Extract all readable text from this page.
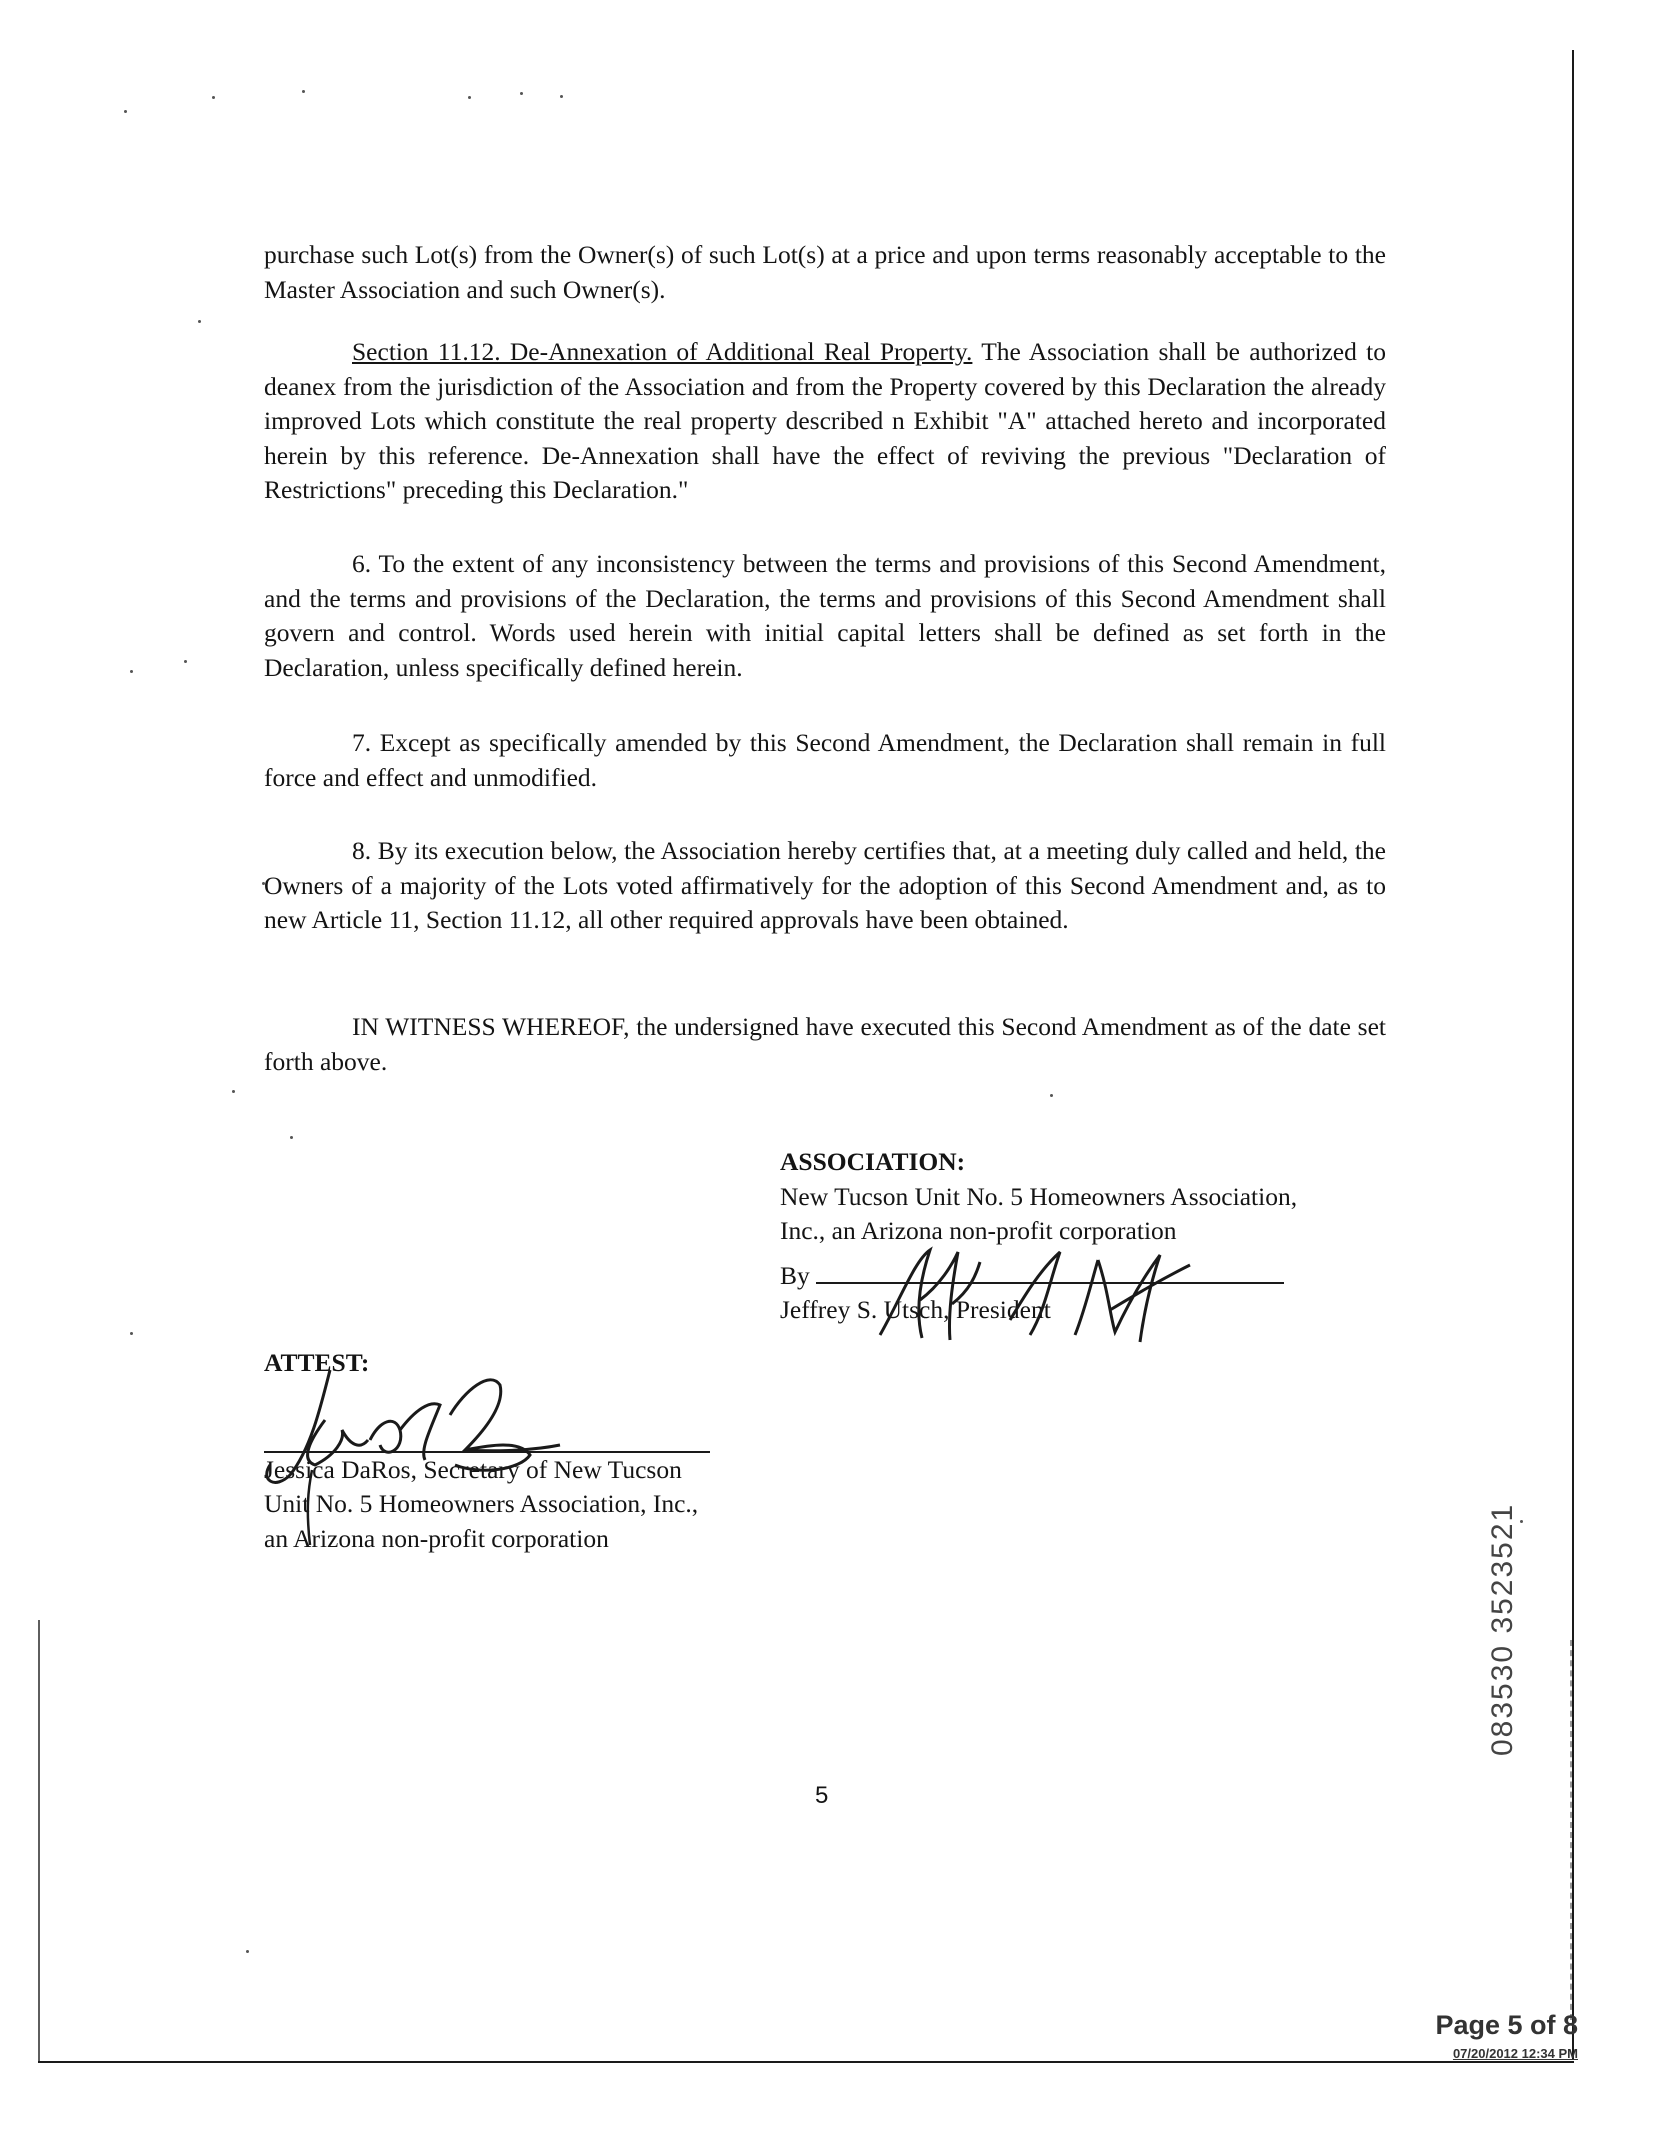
purchase such Lot(s) from the Owner(s) of such Lot(s) at a price and upon terms reasonably acceptable to the Master Association and such Owner(s).

Section 11.12. De-Annexation of Additional Real Property. The Association shall be authorized to deanex from the jurisdiction of the Association and from the Property covered by this Declaration the already improved Lots which constitute the real property described n Exhibit "A" attached hereto and incorporated herein by this reference. De-Annexation shall have the effect of reviving the previous "Declaration of Restrictions" preceding this Declaration."

6. To the extent of any inconsistency between the terms and provisions of this Second Amendment, and the terms and provisions of the Declaration, the terms and provisions of this Second Amendment shall govern and control. Words used herein with initial capital letters shall be defined as set forth in the Declaration, unless specifically defined herein.

7. Except as specifically amended by this Second Amendment, the Declaration shall remain in full force and effect and unmodified.

8. By its execution below, the Association hereby certifies that, at a meeting duly called and held, the Owners of a majority of the Lots voted affirmatively for the adoption of this Second Amendment and, as to new Article 11, Section 11.12, all other required approvals have been obtained.

IN WITNESS WHEREOF, the undersigned have executed this Second Amendment as of the date set forth above.

ASSOCIATION:
New Tucson Unit No. 5 Homeowners Association,
Inc., an Arizona non-profit corporation
By
Jeffrey S. Utsch, President
ATTEST:
Jessica DaRos, Secretary of New Tucson
Unit No. 5 Homeowners Association, Inc.,
an Arizona non-profit corporation
5
083530 3523521
Page 5 of 8
07/20/2012 12:34 PM
